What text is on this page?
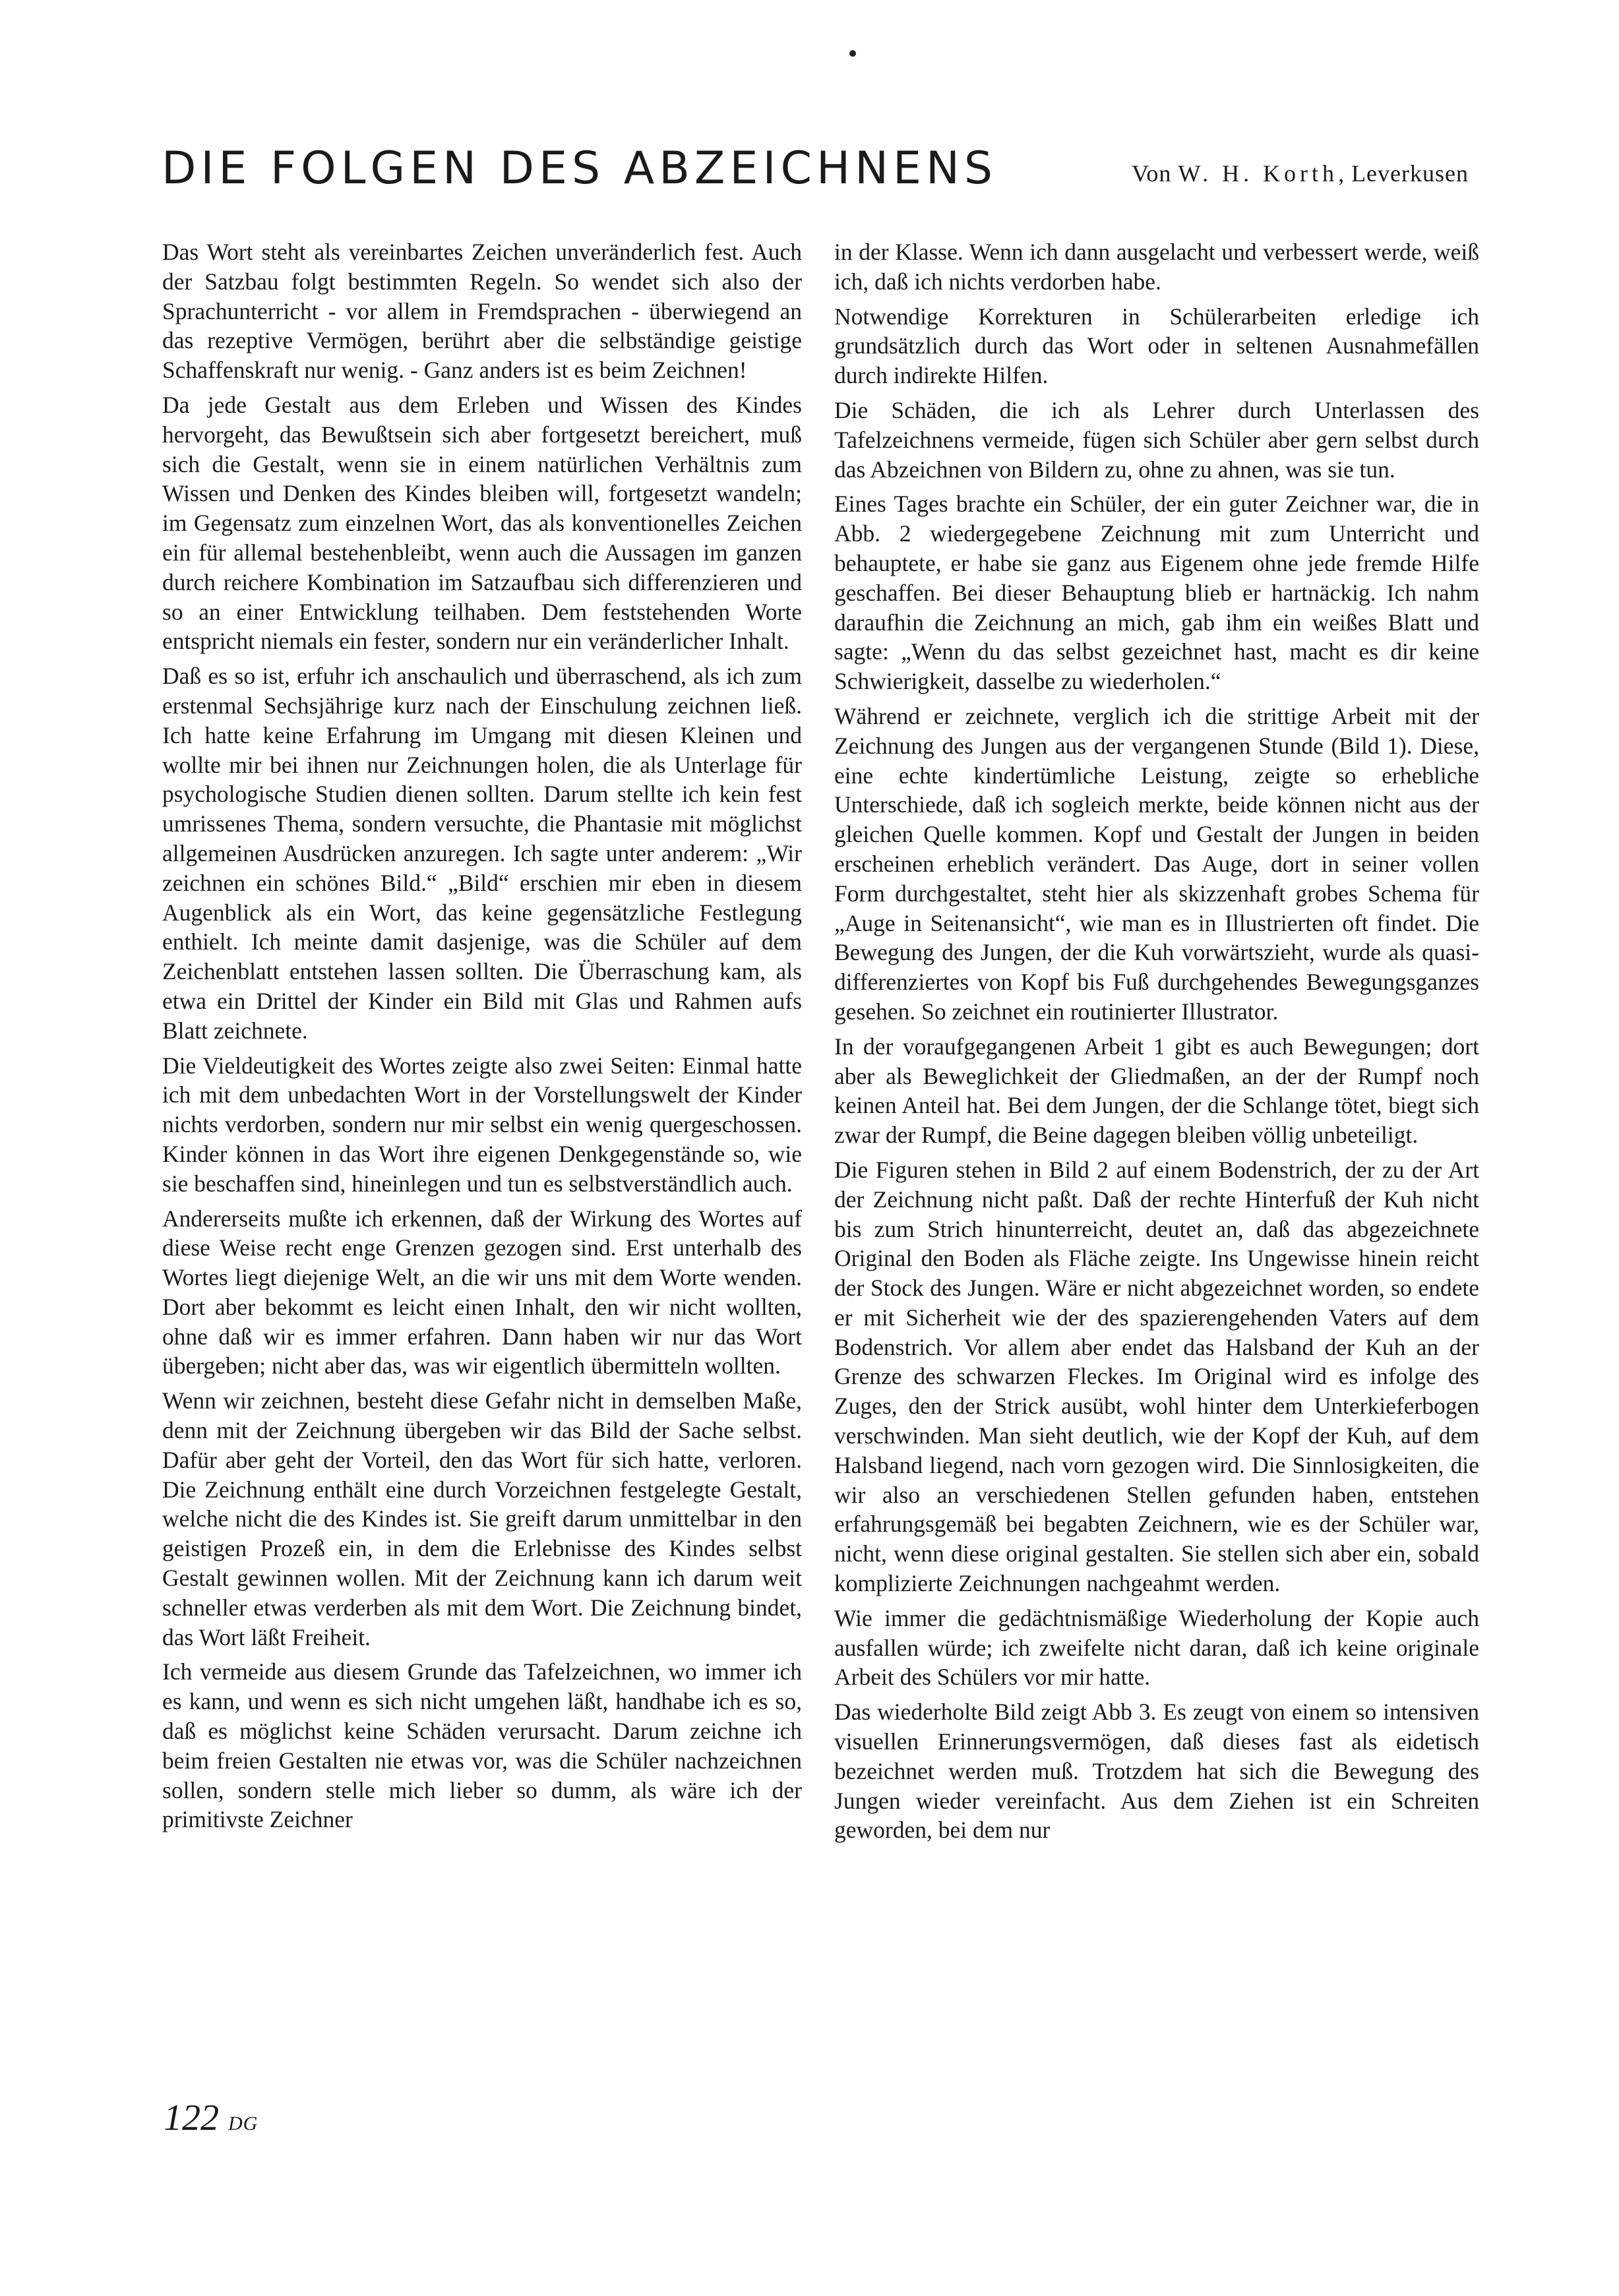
DIE FOLGEN DES ABZEICHNENS	Von W. H. Korth, Leverkusen

Das Wort steht als vereinbartes Zeichen unveränderlich fest. Auch der Satzbau folgt bestimmten Regeln. So wendet sich also der Sprachunterricht - vor allem in Fremdsprachen - überwiegend an das rezeptive Vermögen, berührt aber die selbständige geistige Schaffenskraft nur wenig. - Ganz anders ist es beim Zeichnen!

Da jede Gestalt aus dem Erleben und Wissen des Kindes hervorgeht, das Bewußtsein sich aber fortgesetzt bereichert, muß sich die Gestalt, wenn sie in einem natürlichen Verhältnis zum Wissen und Denken des Kindes bleiben will, fortgesetzt wandeln; im Gegensatz zum einzelnen Wort, das als konventionelles Zeichen ein für allemal bestehenbleibt, wenn auch die Aussagen im ganzen durch reichere Kombination im Satzaufbau sich differenzieren und so an einer Entwicklung teilhaben. Dem feststehenden Worte entspricht niemals ein fester, sondern nur ein veränderlicher Inhalt.

Daß es so ist, erfuhr ich anschaulich und überraschend, als ich zum erstenmal Sechsjährige kurz nach der Einschulung zeichnen ließ. Ich hatte keine Erfahrung im Umgang mit diesen Kleinen und wollte mir bei ihnen nur Zeichnungen holen, die als Unterlage für psychologische Studien dienen sollten. Darum stellte ich kein fest umrissenes Thema, sondern versuchte, die Phantasie mit möglichst allgemeinen Ausdrücken anzuregen. Ich sagte unter anderem: „Wir zeichnen ein schönes Bild.“ „Bild“ erschien mir eben in diesem Augenblick als ein Wort, das keine gegensätzliche Festlegung enthielt. Ich meinte damit dasjenige, was die Schüler auf dem Zeichenblatt entstehen lassen sollten. Die Überraschung kam, als etwa ein Drittel der Kinder ein Bild mit Glas und Rahmen aufs Blatt zeichnete.

Die Vieldeutigkeit des Wortes zeigte also zwei Seiten: Einmal hatte ich mit dem unbedachten Wort in der Vorstellungswelt der Kinder nichts verdorben, sondern nur mir selbst ein wenig quergeschossen. Kinder können in das Wort ihre eigenen Denkgegenstände so, wie sie beschaffen sind, hineinlegen und tun es selbstverständlich auch.

Andererseits mußte ich erkennen, daß der Wirkung des Wortes auf diese Weise recht enge Grenzen gezogen sind. Erst unterhalb des Wortes liegt diejenige Welt, an die wir uns mit dem Worte wenden. Dort aber bekommt es leicht einen Inhalt, den wir nicht wollten, ohne daß wir es immer erfahren. Dann haben wir nur das Wort übergeben; nicht aber das, was wir eigentlich übermitteln wollten.

Wenn wir zeichnen, besteht diese Gefahr nicht in demselben Maße, denn mit der Zeichnung übergeben wir das Bild der Sache selbst. Dafür aber geht der Vorteil, den das Wort für sich hatte, verloren. Die Zeichnung enthält eine durch Vorzeichnen festgelegte Gestalt, welche nicht die des Kindes ist. Sie greift darum unmittelbar in den geistigen Prozeß ein, in dem die Erlebnisse des Kindes selbst Gestalt gewinnen wollen. Mit der Zeichnung kann ich darum weit schneller etwas verderben als mit dem Wort. Die Zeichnung bindet, das Wort läßt Freiheit.

Ich vermeide aus diesem Grunde das Tafelzeichnen, wo immer ich es kann, und wenn es sich nicht umgehen läßt, handhabe ich es so, daß es möglichst keine Schäden verursacht. Darum zeichne ich beim freien Gestalten nie etwas vor, was die Schüler nachzeichnen sollen, sondern stelle mich lieber so dumm, als wäre ich der primitivste Zeichner

in der Klasse. Wenn ich dann ausgelacht und verbessert werde, weiß ich, daß ich nichts verdorben habe.

Notwendige Korrekturen in Schülerarbeiten erledige ich grundsätzlich durch das Wort oder in seltenen Ausnahmefällen durch indirekte Hilfen.

Die Schäden, die ich als Lehrer durch Unterlassen des Tafelzeichnens vermeide, fügen sich Schüler aber gern selbst durch das Abzeichnen von Bildern zu, ohne zu ahnen, was sie tun.

Eines Tages brachte ein Schüler, der ein guter Zeichner war, die in Abb. 2 wiedergegebene Zeichnung mit zum Unterricht und behauptete, er habe sie ganz aus Eigenem ohne jede fremde Hilfe geschaffen. Bei dieser Behauptung blieb er hartnäckig. Ich nahm daraufhin die Zeichnung an mich, gab ihm ein weißes Blatt und sagte: „Wenn du das selbst gezeichnet hast, macht es dir keine Schwierigkeit, dasselbe zu wiederholen.“

Während er zeichnete, verglich ich die strittige Arbeit mit der Zeichnung des Jungen aus der vergangenen Stunde (Bild 1). Diese, eine echte kindertümliche Leistung, zeigte so erhebliche Unterschiede, daß ich sogleich merkte, beide können nicht aus der gleichen Quelle kommen. Kopf und Gestalt der Jungen in beiden erscheinen erheblich verändert. Das Auge, dort in seiner vollen Form durchgestaltet, steht hier als skizzenhaft grobes Schema für „Auge in Seitenansicht“, wie man es in Illustrierten oft findet. Die Bewegung des Jungen, der die Kuh vorwärtszieht, wurde als quasi-differenziertes von Kopf bis Fuß durchgehendes Bewegungsganzes gesehen. So zeichnet ein routinierter Illustrator.

In der voraufgegangenen Arbeit 1 gibt es auch Bewegungen; dort aber als Beweglichkeit der Gliedmaßen, an der der Rumpf noch keinen Anteil hat. Bei dem Jungen, der die Schlange tötet, biegt sich zwar der Rumpf, die Beine dagegen bleiben völlig unbeteiligt.

Die Figuren stehen in Bild 2 auf einem Bodenstrich, der zu der Art der Zeichnung nicht paßt. Daß der rechte Hinterfuß der Kuh nicht bis zum Strich hinunterreicht, deutet an, daß das abgezeichnete Original den Boden als Fläche zeigte. Ins Ungewisse hinein reicht der Stock des Jungen. Wäre er nicht abgezeichnet worden, so endete er mit Sicherheit wie der des spazierengehenden Vaters auf dem Bodenstrich. Vor allem aber endet das Halsband der Kuh an der Grenze des schwarzen Fleckes. Im Original wird es infolge des Zuges, den der Strick ausübt, wohl hinter dem Unterkieferbogen verschwinden. Man sieht deutlich, wie der Kopf der Kuh, auf dem Halsband liegend, nach vorn gezogen wird. Die Sinnlosigkeiten, die wir also an verschiedenen Stellen gefunden haben, entstehen erfahrungsgemäß bei begabten Zeichnern, wie es der Schüler war, nicht, wenn diese original gestalten. Sie stellen sich aber ein, sobald komplizierte Zeichnungen nachgeahmt werden.

Wie immer die gedächtnismäßige Wiederholung der Kopie auch ausfallen würde; ich zweifelte nicht daran, daß ich keine originale Arbeit des Schülers vor mir hatte.

Das wiederholte Bild zeigt Abb 3. Es zeugt von einem so intensiven visuellen Erinnerungsvermögen, daß dieses fast als eidetisch bezeichnet werden muß. Trotzdem hat sich die Bewegung des Jungen wieder vereinfacht. Aus dem Ziehen ist ein Schreiten geworden, bei dem nur

122 DG
